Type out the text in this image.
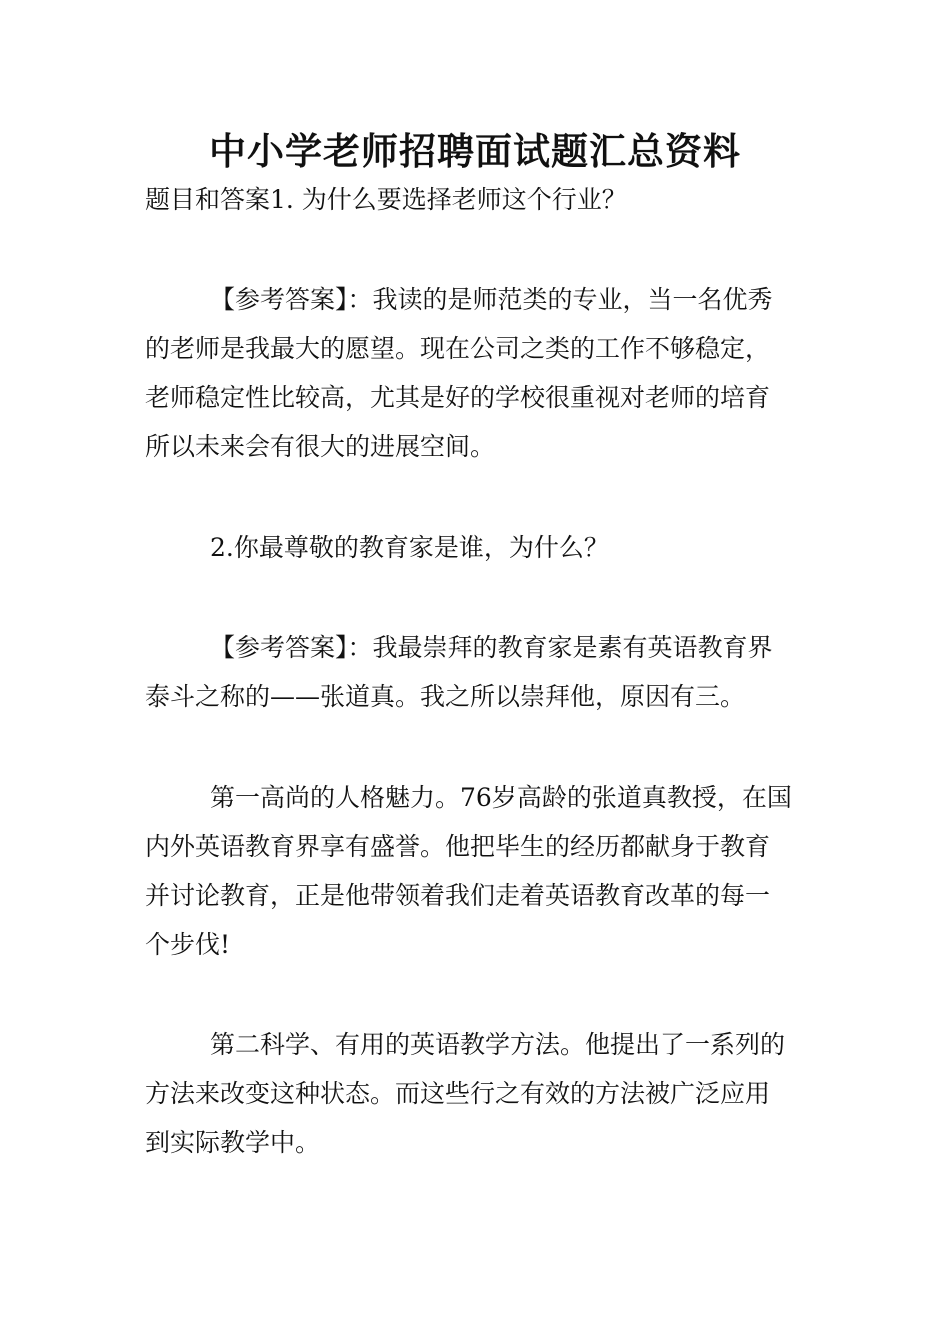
中小学老师招聘面试题汇总资料
题目和答案1. 为什么要选择老师这个行业？
【参考答案】：我读的是师范类的专业，当一名优秀
的老师是我最大的愿望。现在公司之类的工作不够稳定，
老师稳定性比较高，尤其是好的学校很重视对老师的培育
所以未来会有很大的进展空间。
2.你最尊敬的教育家是谁，为什么？
【参考答案】：我最崇拜的教育家是素有英语教育界
泰斗之称的——张道真。我之所以崇拜他，原因有三。
第一高尚的人格魅力。76岁高龄的张道真教授，在国
内外英语教育界享有盛誉。他把毕生的经历都献身于教育
并讨论教育，正是他带领着我们走着英语教育改革的每一
个步伐!
第二科学、有用的英语教学方法。他提出了一系列的
方法来改变这种状态。而这些行之有效的方法被广泛应用
到实际教学中。
